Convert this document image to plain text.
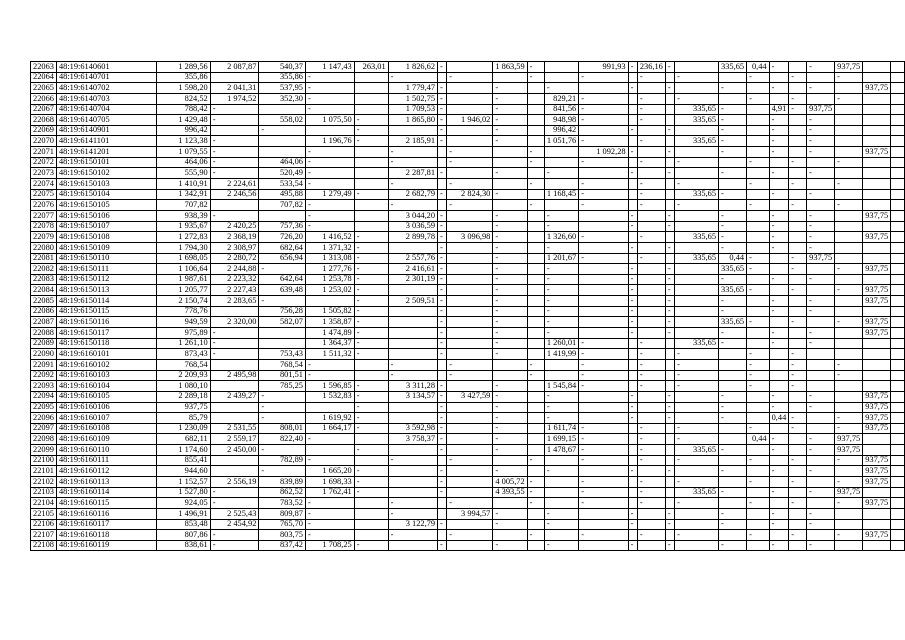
22063	48:19:6140601	1 289,56	2 087,87	540,37	1 147,43	263,01	1 826,62	-		1 863,59	-		991,93	-	236,16	-		335,65	0,44	-		-	937,75		
22064	48:19:6140701	355,86		355,86	-		-		-		-		-		-		-		-		-		-		
22065	48:19:6140702	1 598,20	2 041,31	537,95	-		1 779,47	-		-		-		-		-		-		-		-		937,75	
22066	48:19:6140703	824,52	1 974,52	352,30	-		1 502,75	-		-		829,21	-		-		-		-		-		-		
22067	48:19:6140704	788,42	-		-		1 709,53	-		-		841,56	-		-		335,65	-		4,91	-	937,75			
22068	48:19:6140705	1 429,48	-	558,02	1 075,50	-	1 865,80	-	1 946,02	-		948,98	-		-		335,65	-		-		-			
22069	48:19:6140901	996,42		-		-		-		-		996,42		-		-		-		-		-			
22070	48:19:6141101	1 123,38	-		1 196,76	-	2 185,91	-		-		1 051,76	-		-		335,65	-		-		-			
22071	48:19:6141201	1 079,55	-		-		-		-		-		1 092,28	-		-		-		-		-		937,75	
22072	48:19:6150101	464,06	-	464,06	-		-		-		-		-		-		-		-		-		-		
22073	48:19:6150102	555,90	-	520,49	-		2 287,81	-		-		-		-		-		-		-		-			
22074	48:19:6150103	1 410,91	2 224,61	533,54	-		-		-		-		-		-		-		-		-		-		
22075	48:19:6150104	1 342,91	2 246,56	495,88	1 279,49	-	2 682,79	-	2 824,30	-		1 168,45	-		-		335,65	-		-		-			
22076	48:19:6150105	707,82		707,82	-		-		-		-		-		-		-		-		-		-		
22077	48:19:6150106	938,39	-		-		3 044,20	-		-		-		-		-		-		-		-		937,75	
22078	48:19:6150107	1 935,67	2 420,25	757,36	-		3 036,59	-		-		-		-		-		-		-		-			
22079	48:19:6150108	1 272,83	2 368,19	726,20	1 416,52	-	2 899,78	-	3 096,98	-		1 326,60	-		-		335,65	-		-		-		937,75	
22080	48:19:6150109	1 794,30	2 308,97	682,64	1 371,32	-		-		-		-		-		-		-		-		-			
22081	48:19:6150110	1 698,05	2 280,72	656,94	1 313,08	-	2 557,76	-		-		1 201,67	-		-		335,65	0,44	-		-	937,75			
22082	48:19:6150111	1 106,64	2 244,88	-	1 277,76	-	2 416,61	-		-		-		-		-		335,65	-		-		-	937,75	
22083	48:19:6150112	1 987,61	2 223,32	642,64	1 253,78	-	2 301,19	-		-		-		-		-		-		-		-			
22084	48:19:6150113	1 205,77	2 227,43	639,48	1 253,02	-		-		-		-		-		-		335,65	-		-		-	937,75	
22085	48:19:6150114	2 150,74	2 283,65	-		-	2 509,51	-		-		-		-		-		-		-		-		937,75	
22086	48:19:6150115	778,76		756,28	1 505,82	-		-		-		-		-		-		-		-		-			
22087	48:19:6150116	949,59	2 320,00	582,07	1 358,87	-		-		-		-		-		-		335,65	-		-		-	937,75	
22088	48:19:6150117	975,89	-		1 474,89	-		-		-		-		-		-		-		-		-		937,75	
22089	48:19:6150118	1 261,10	-		1 364,37	-		-		-		1 260,01	-		-		335,65	-		-		-			
22090	48:19:6160101	873,43	-	753,43	1 511,32	-		-		-		1 419,99	-		-		-		-		-				
22091	48:19:6160102	768,54		768,54	-		-		-		-		-		-		-		-		-		-		
22092	48:19:6160103	2 209,93	2 495,98	801,51	-		-		-		-		-		-		-		-		-		-		
22093	48:19:6160104	1 080,10		785,25	1 596,85	-	3 311,28	-		-		1 545,84	-		-		-		-		-				
22094	48:19:6160105	2 289,18	2 439,27	-	1 532,83	-	3 134,57	-	3 427,59	-		-		-		-		-		-		-		937,75	
22095	48:19:6160106	937,75		-		-		-		-		-		-		-		-		-		-		937,75	
22096	48:19:6160107	85,79		-	1 619,92	-		-		-		-		-		-		-		0,44	-		-	937,75	
22097	48:19:6160108	1 230,09	2 531,55	808,01	1 664,17	-	3 592,98	-		-		1 611,74	-		-		-		-		-		-	937,75	
22098	48:19:6160109	682,11	2 559,17	822,40	-		3 758,37	-		-		1 699,15	-		-		-		0,44	-		-	937,75		
22099	48:19:6160110	1 174,60	2 450,00	-		-		-		-		1 478,67	-		-		335,65	-		-		-	937,75		
22100	48:19:6160111	855,41		782,89	-		-		-		-		-		-		-		-		-		-	937,75	
22101	48:19:6160112	944,60		-	1 665,20	-		-		-		-		-		-		-		-		-		937,75	
22102	48:19:6160113	1 152,57	2 556,19	839,89	1 698,33	-		-		4 005,72	-		-		-		-		-		-		-	937,75	
22103	48:19:6160114	1 527,80	-	862,52	1 762,41	-		-		4 393,55	-		-		-		335,65	-		-		-	937,75		
22104	48:19:6160115	924,05	-	783,52	-		-		-		-		-		-		-		-		-		-	937,75	
22105	48:19:6160116	1 496,91	2 525,43	809,87	-		-		3 994,57	-		-		-		-		-		-		-			
22106	48:19:6160117	853,48	2 454,92	765,70	-		3 122,79	-		-		-		-		-		-		-		-			
22107	48:19:6160118	807,86	-	803,75	-		-		-		-		-		-		-		-		-		-	937,75	
22108	48:19:6160119	838,61	-	837,42	1 708,25	-		-		-		-		-		-		-		-		-			
